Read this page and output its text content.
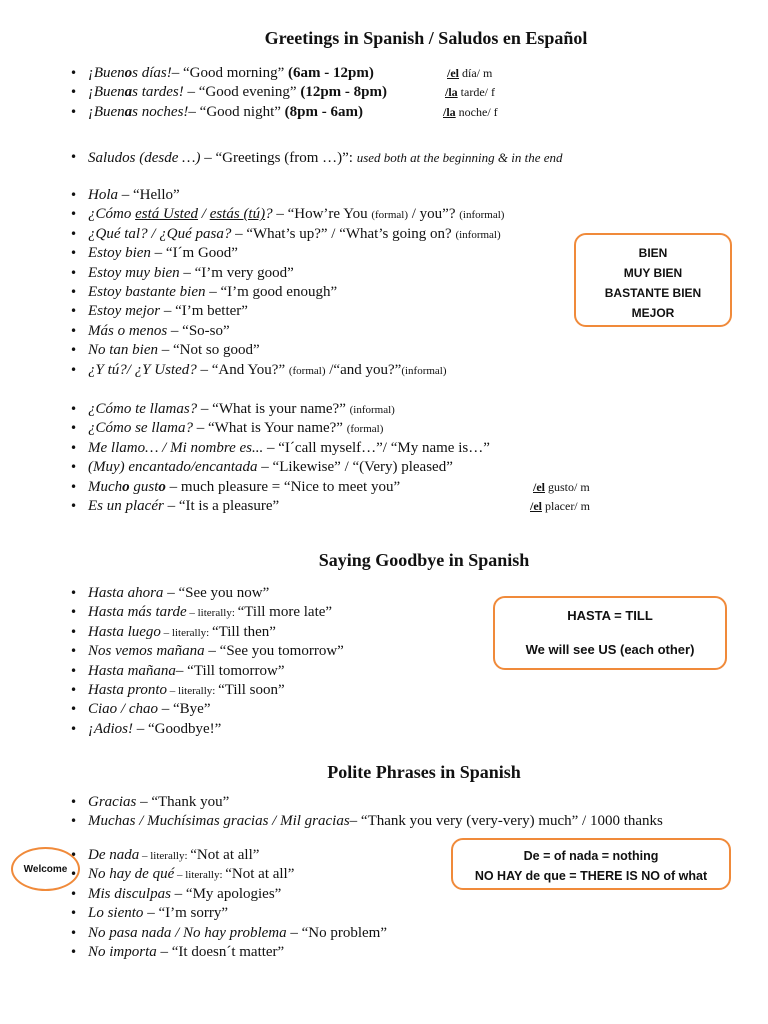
Greetings in Spanish / Saludos en Español
• ¡Buenos días!– “Good morning” (6am - 12pm)	/el día/ m
• ¡Buenas tardes! – “Good evening” (12pm - 8pm)	/la tarde/ f
• ¡Buenas noches!– “Good night” (8pm - 6am)	/la noche/ f
• Saludos (desde …) – “Greetings (from …)”: used both at the beginning & in the end
• Hola – “Hello”
• ¿Cómo está Usted / estás (tú)? – “How’re You (formal) / you”? (informal)
• ¿Qué tal? / ¿Qué pasa? – “What’s up?” / “What’s going on? (informal)
• Estoy bien – “I´m Good”
• Estoy muy bien – “I’m very good”
• Estoy bastante bien – “I’m good enough”
• Estoy mejor – “I’m better”
• Más o menos – “So-so”
• No tan bien – “Not so good”
• ¿Y tú?/ ¿Y Usted? – “And You?” (formal) /“and you?”(informal)
BIEN
MUY BIEN
BASTANTE BIEN
MEJOR
• ¿Cómo te llamas? – “What is your name?” (informal)
• ¿Cómo se llama? – “What is Your name?” (formal)
• Me llamo… / Mi nombre es... – “I´call myself…”/ “My name is…”
• (Muy) encantado/encantada – “Likewise” / “(Very) pleased”
• Mucho gusto – much pleasure = “Nice to meet you”	/el gusto/ m
• Es un placér – “It is a pleasure”	/el placer/ m
Saying Goodbye in Spanish
• Hasta ahora – “See you now”
• Hasta más tarde – literally: “Till more late”
• Hasta luego – literally: “Till then”
• Nos vemos mañana – “See you tomorrow”
• Hasta mañana– “Till tomorrow”
• Hasta pronto – literally: “Till soon”
• Ciao / chao – “Bye”
• ¡Adios! – “Goodbye!”
HASTA = TILL
We will see US (each other)
Polite Phrases in Spanish
• Gracias – “Thank you”
• Muchas / Muchísimas gracias / Mil gracias– “Thank you very (very-very) much” / 1000 thanks
• De nada – literally: “Not at all”
• No hay de qué – literally: “Not at all”
• Mis disculpas – “My apologies”
• Lo siento – “I’m sorry”
• No pasa nada / No hay problema – “No problem”
• No importa – “It doesn´t matter”
Welcome
De = of nada = nothing
NO HAY de que = THERE IS NO of what
